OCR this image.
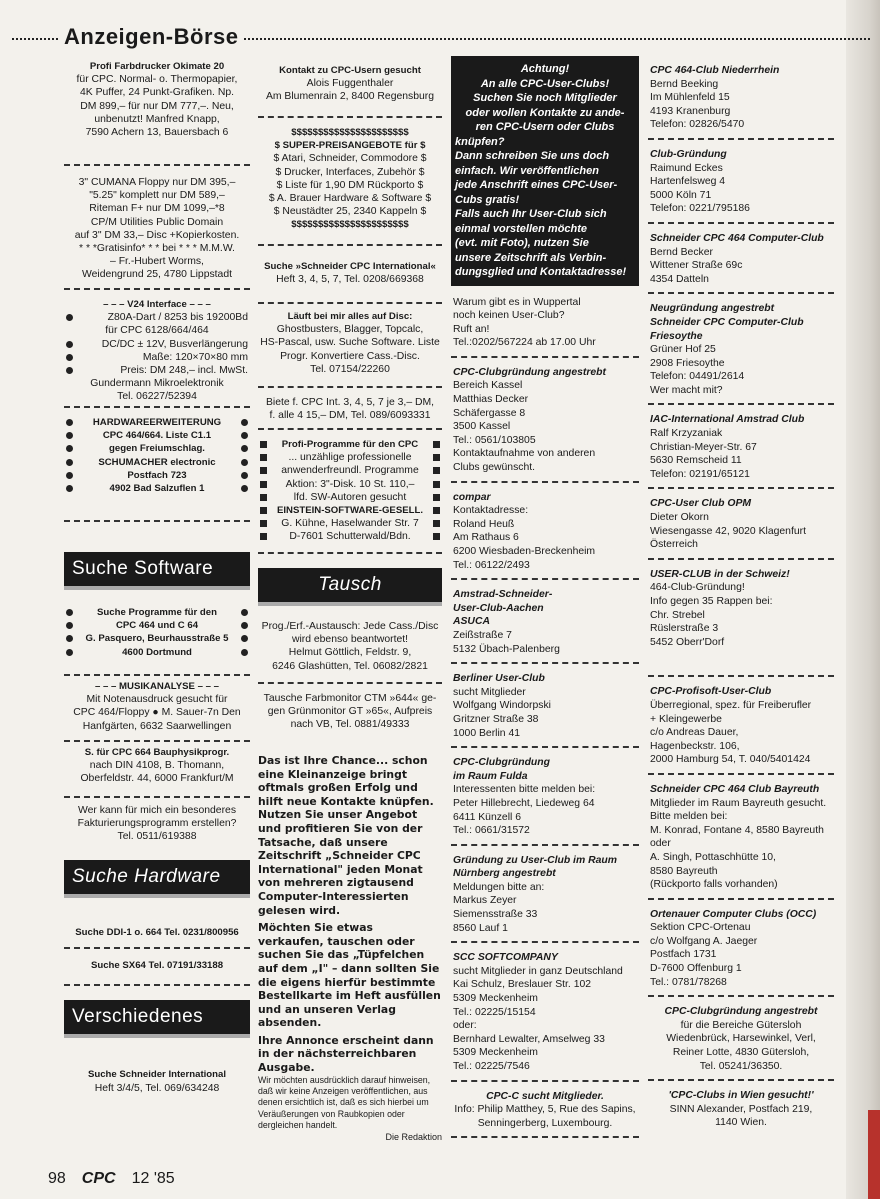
Anzeigen-Börse
Profi Farbdrucker Okimate 20
für CPC. Normal- o. Thermopapier,
4K Puffer, 24 Punkt-Grafiken. Np.
DM 899,– für nur DM 777,–. Neu,
unbenutzt! Manfred Knapp,
7590 Achern 13, Bauersbach 6
3" CUMANA Floppy nur DM 395,–
"5.25" komplett nur DM 589,–
Riteman F+ nur DM 1099,–*8
CP/M Utilities Public Domain
auf 3" DM 33,– Disc +Kopierkosten.
* * *Gratisinfo* * * bei * * * M.M.W.
– Fr.-Hubert Worms,
Weidengrund 25, 4780 Lippstadt
– – – V24 Interface – – –
Z80A-Dart / 8253 bis 19200Bd
für CPC 6128/664/464
DC/DC ± 12V, Busverlängerung
Maße: 120×70×80 mm
Preis: DM 248,– incl. MwSt.
Gundermann Mikroelektronik
Tel. 06227/52394
HARDWAREERWEITERUNG
CPC 464/664. Liste C1.1
gegen Freiumschlag.
SCHUMACHER electronic
Postfach 723
4902 Bad Salzuflen 1
Suche Software
Suche Programme für den
CPC 464 und C 64
G. Pasquero, Beurhausstraße 5
4600 Dortmund
– – – MUSIKANALYSE – – –
Mit Notenausdruck gesucht für
CPC 464/Floppy ● M. Sauer-7n Den
Hanfgärten, 6632 Saarwellingen
S. für CPC 664 Bauphysikprogr.
nach DIN 4108, B. Thomann,
Oberfeldstr. 44, 6000 Frankfurt/M
Wer kann für mich ein besonderes
Fakturierungsprogramm erstellen?
Tel. 0511/619388
Suche Hardware
Suche DDI-1 o. 664 Tel. 0231/800956
Suche SX64 Tel. 07191/33188
Verschiedenes
Suche Schneider International
Heft 3/4/5, Tel. 069/634248
Kontakt zu CPC-Usern gesucht
Alois Fuggenthaler
Am Blumenrain 2, 8400 Regensburg
$$$$$$$$$$$$$$$$$$$$$$
$ SUPER-PREISANGEBOTE für $
$ Atari, Schneider, Commodore $
$ Drucker, Interfaces, Zubehör $
$ Liste für 1,90 DM Rückporto $
$ A. Brauer Hardware & Software $
$ Neustädter 25, 2340 Kappeln $
$$$$$$$$$$$$$$$$$$$$$$
Suche »Schneider CPC International«
Heft 3, 4, 5, 7, Tel. 0208/669368
Läuft bei mir alles auf Disc:
Ghostbusters, Blagger, Topcalc,
HS-Pascal, usw. Suche Software. Liste
Progr. Konvertiere Cass.-Disc.
Tel. 07154/22260
Biete f. CPC Int. 3, 4, 5, 7 je 3,– DM,
f. alle 4 15,– DM, Tel. 089/6093331
Profi-Programme für den CPC
... unzählige professionelle
anwenderfreundl. Programme
Aktion: 3"-Disk. 10 St. 110,–
lfd. SW-Autoren gesucht
EINSTEIN-SOFTWARE-GESELL.
G. Kühne, Haselwander Str. 7
D-7601 Schutterwald/Bdn.
Tausch
Prog./Erf.-Austausch: Jede Cass./Disc
wird ebenso beantwortet!
Helmut Göttlich, Feldstr. 9,
6246 Glashütten, Tel. 06082/2821
Tausche Farbmonitor CTM »644« ge-
gen Grünmonitor GT »65«, Aufpreis
nach VB, Tel. 0881/49333

Das ist Ihre Chance... schon eine Kleinanzeige bringt oftmals großen Erfolg und hilft neue Kontakte knüpfen.

Nutzen Sie unser Angebot und profitieren Sie von der Tatsache, daß unsere Zeitschrift „Schneider CPC International" jeden Monat von mehreren zigtausend Computer-Interessierten gelesen wird.

Möchten Sie etwas verkaufen, tauschen oder suchen Sie das „Tüpfelchen auf dem „I" – dann sollten Sie die eigens hierfür bestimmte Bestellkarte im Heft ausfüllen und an unseren Verlag absenden.

Ihre Annonce erscheint dann in der nächsterreichbaren Ausgabe.

Wir möchten ausdrücklich darauf hinweisen, daß wir keine Anzeigen veröffentlichen, aus denen ersichtlich ist, daß es sich hierbei um Veräußerungen von Raubkopien oder dergleichen handelt.

Die Redaktion

Achtung!
An alle CPC-User-Clubs!
Suchen Sie noch Mitglieder
oder wollen Kontakte zu ande-
ren CPC-Usern oder Clubs
knüpfen?
Dann schreiben Sie uns doch
einfach. Wir veröffentlichen
jede Anschrift eines CPC-User-
Cubs gratis!
Falls auch Ihr User-Club sich
einmal vorstellen möchte
(evt. mit Foto), nutzen Sie
unsere Zeitschrift als Verbin-
dungsglied und Kontaktadresse!
Warum gibt es in Wuppertal
noch keinen User-Club?
Ruft an!
Tel.:0202/567224 ab 17.00 Uhr
CPC-Clubgründung angestrebt
Bereich Kassel
Matthias Decker
Schäfergasse 8
3500 Kassel
Tel.: 0561/103805
Kontaktaufnahme von anderen
Clubs gewünscht.
compar
Kontaktadresse:
Roland Heuß
Am Rathaus 6
6200 Wiesbaden-Breckenheim
Tel.: 06122/2493
Amstrad-Schneider-
User-Club-Aachen
ASUCA
Zeißstraße 7
5132 Übach-Palenberg
Berliner User-Club
sucht Mitglieder
Wolfgang Windorpski
Gritzner Straße 38
1000 Berlin 41
CPC-Clubgründung
im Raum Fulda
Interessenten bitte melden bei:
Peter Hillebrecht, Liedeweg 64
6411 Künzell 6
Tel.: 0661/31572
Gründung zu User-Club im Raum
Nürnberg angestrebt
Meldungen bitte an:
Markus Zeyer
Siemensstraße 33
8560 Lauf 1
SCC SOFTCOMPANY
sucht Mitglieder in ganz Deutschland
Kai Schulz, Breslauer Str. 102
5309 Meckenheim
Tel.: 02225/15154
oder:
Bernhard Lewalter, Amselweg 33
5309 Meckenheim
Tel.: 02225/7546
CPC-C sucht Mitglieder.
Info: Philip Matthey, 5, Rue des Sapins,
Senningerberg, Luxembourg.
CPC 464-Club Niederrhein
Bernd Beeking
Im Mühlenfeld 15
4193 Kranenburg
Telefon: 02826/5470
Club-Gründung
Raimund Eckes
Hartenfelsweg 4
5000 Köln 71
Telefon: 0221/795186
Schneider CPC 464 Computer-Club
Bernd Becker
Wittener Straße 69c
4354 Datteln
Neugründung angestrebt
Schneider CPC Computer-Club
Friesoythe
Grüner Hof 25
2908 Friesoythe
Telefon: 04491/2614
Wer macht mit?
IAC-International Amstrad Club
Ralf Krzyzaniak
Christian-Meyer-Str. 67
5630 Remscheid 11
Telefon: 02191/65121
CPC-User Club OPM
Dieter Okorn
Wiesengasse 42, 9020 Klagenfurt
Österreich
USER-CLUB in der Schweiz!
464-Club-Gründung!
Info gegen 35 Rappen bei:
Chr. Strebel
Rüslerstraße 3
5452 Oberr'Dorf
CPC-Profisoft-User-Club
Überregional, spez. für Freiberufler
+ Kleingewerbe
c/o Andreas Dauer,
Hagenbeckstr. 106,
2000 Hamburg 54, T. 040/5401424
Schneider CPC 464 Club Bayreuth
Mitglieder im Raum Bayreuth gesucht.
Bitte melden bei:
M. Konrad, Fontane 4, 8580 Bayreuth
oder
A. Singh, Pottaschhütte 10,
8580 Bayreuth
(Rückporto falls vorhanden)
Ortenauer Computer Clubs (OCC)
Sektion CPC-Ortenau
c/o Wolfgang A. Jaeger
Postfach 1731
D-7600 Offenburg 1
Tel.: 0781/78268
CPC-Clubgründung angestrebt
für die Bereiche Gütersloh
Wiedenbrück, Harsewinkel, Verl,
Reiner Lotte, 4830 Gütersloh,
Tel. 05241/36350.
'CPC-Clubs in Wien gesucht!'
SINN Alexander, Postfach 219,
1140 Wien.
98 CPC 12 '85
